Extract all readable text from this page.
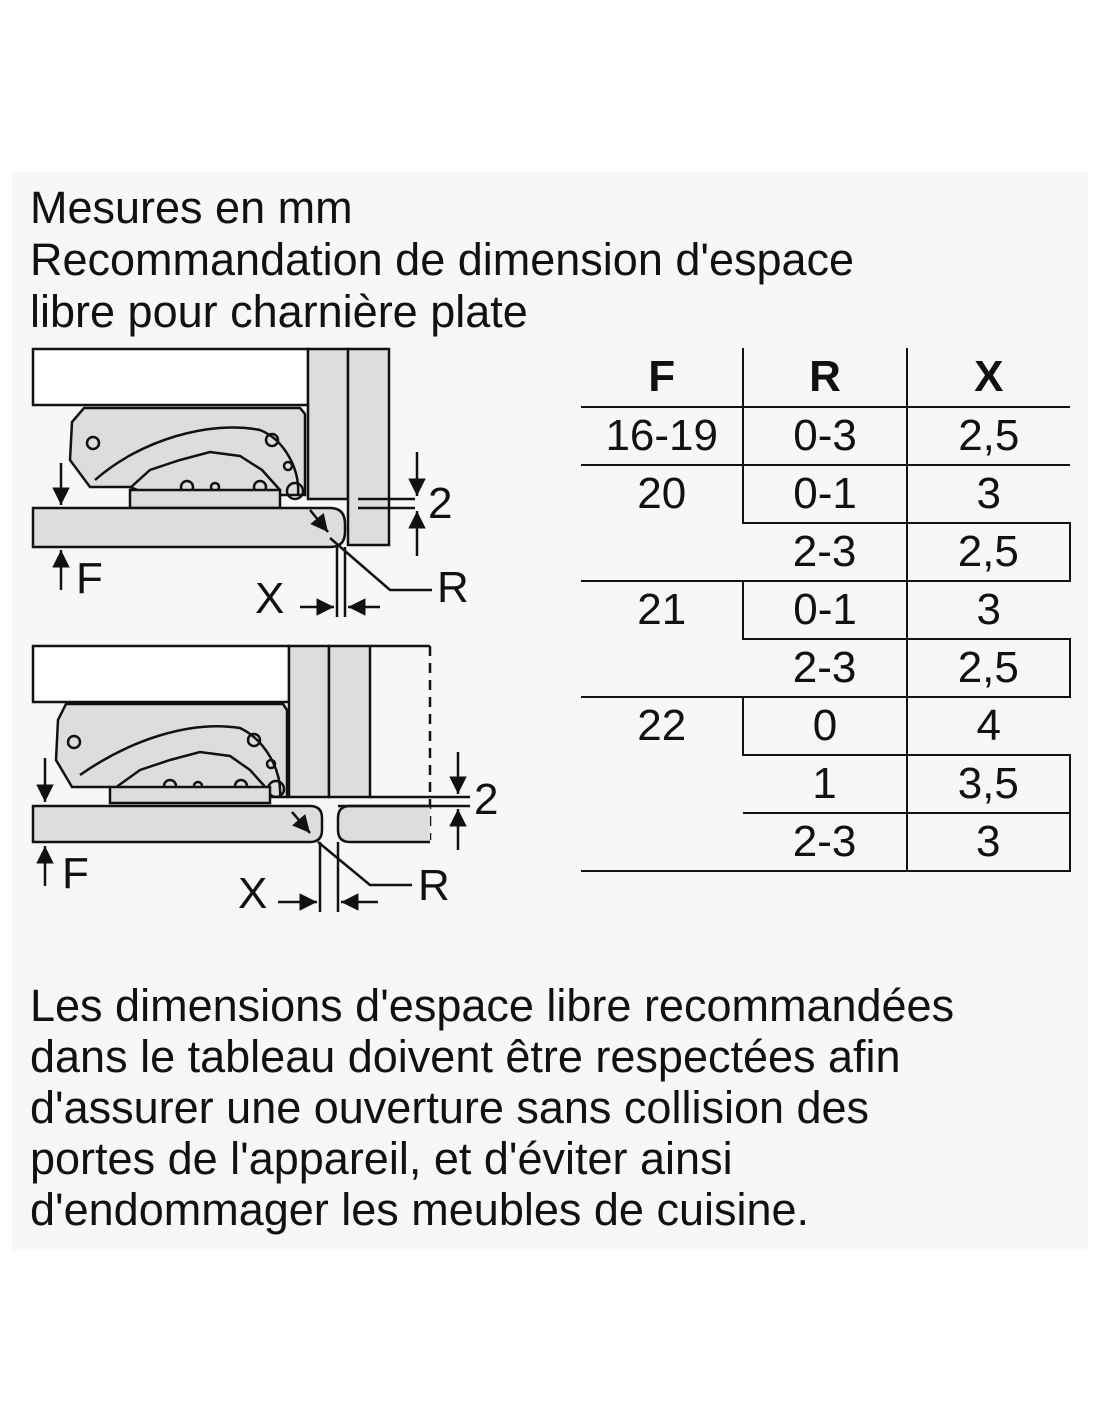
Mesures en mm
Recommandation de dimension d'espace
libre pour charnière plate
F	X	R
2
F	X	R
2
F	R	X
16-19	0-3	2,5
20	0-1	3
	2-3	2,5
21	0-1	3
	2-3	2,5
22	0	4
	1	3,5
	2-3	3
Les dimensions d'espace libre recommandées
dans le tableau doivent être respectées afin
d'assurer une ouverture sans collision des
portes de l'appareil, et d'éviter ainsi
d'endommager les meubles de cuisine.
